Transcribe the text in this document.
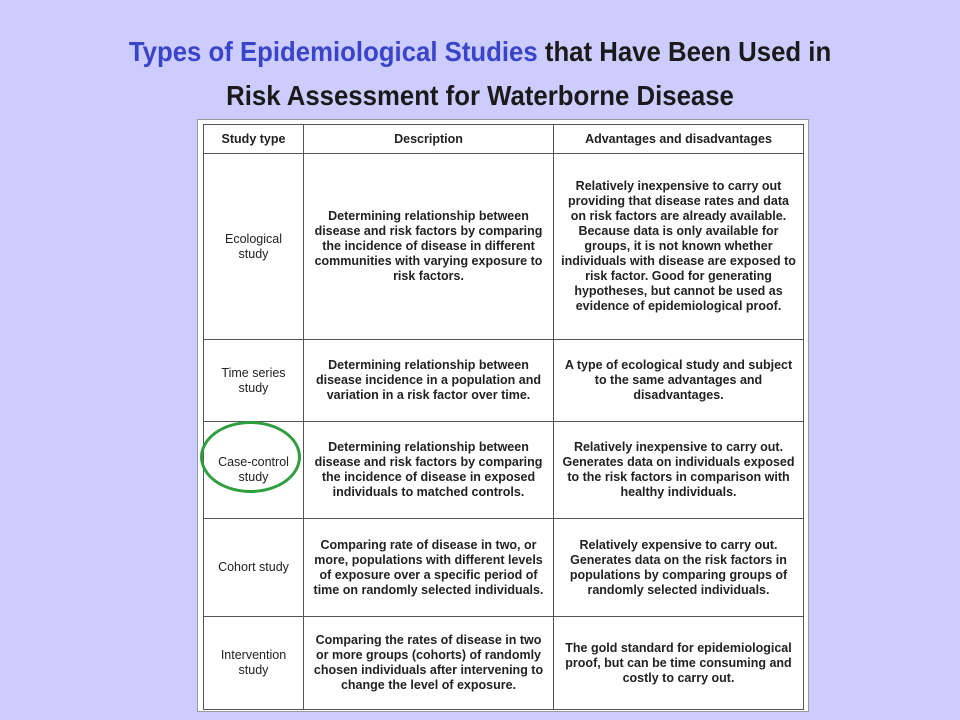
Types of Epidemiological Studies that Have Been Used in
Risk Assessment for Waterborne Disease
Study type	Description	Advantages and disadvantages
Ecological study	Determining relationship between disease and risk factors by comparing the incidence of disease in different communities with varying exposure to risk factors.	Relatively inexpensive to carry out providing that disease rates and data on risk factors are already available. Because data is only available for groups, it is not known whether individuals with disease are exposed to risk factor. Good for generating hypotheses, but cannot be used as evidence of epidemiological proof.
Time series study	Determining relationship between disease incidence in a population and variation in a risk factor over time.	A type of ecological study and subject to the same advantages and disadvantages.
Case-control study	Determining relationship between disease and risk factors by comparing the incidence of disease in exposed individuals to matched controls.	Relatively inexpensive to carry out. Generates data on individuals exposed to the risk factors in comparison with healthy individuals.
Cohort study	Comparing rate of disease in two, or more, populations with different levels of exposure over a specific period of time on randomly selected individuals.	Relatively expensive to carry out. Generates data on the risk factors in populations by comparing groups of randomly selected individuals.
Intervention study	Comparing the rates of disease in two or more groups (cohorts) of randomly chosen individuals after intervening to change the level of exposure.	The gold standard for epidemiological proof, but can be time consuming and costly to carry out.
